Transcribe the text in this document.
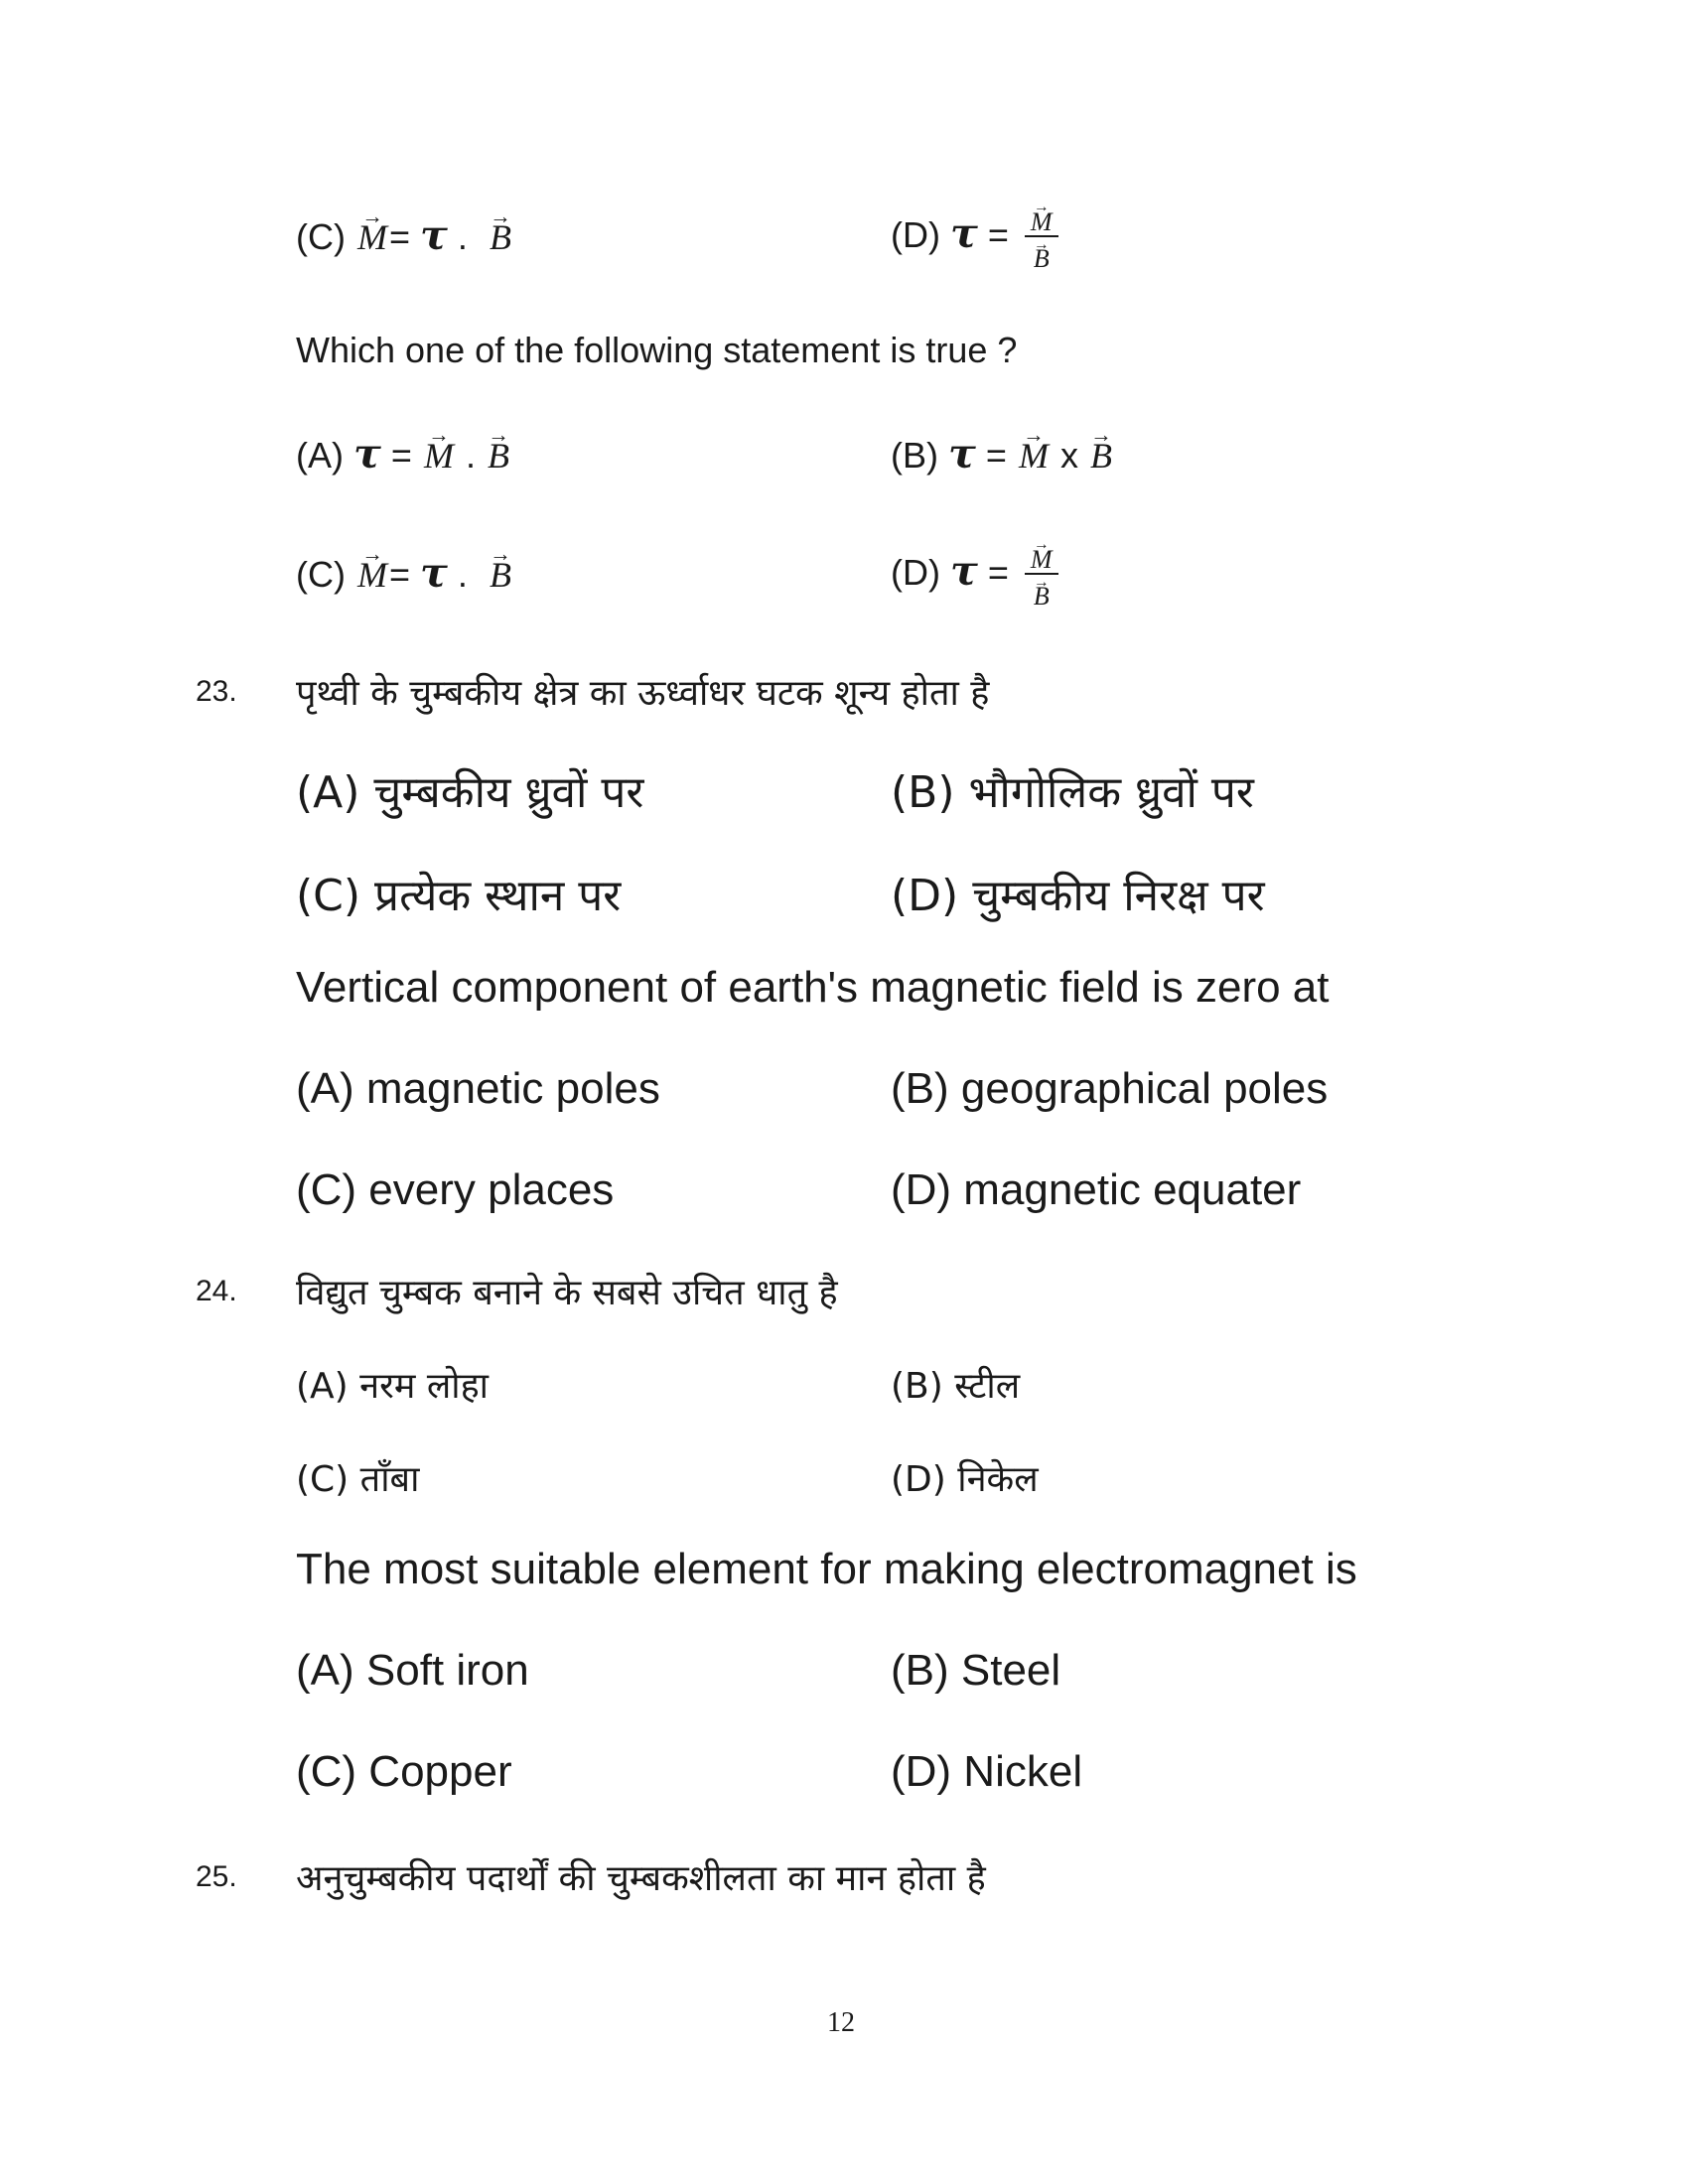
(C) → M= τ . → B	(D) τ = → M
→ B
Which one of the following statement is true ?
(A) τ = → M . → B	(B) τ = → M x → B
(C) → M= τ . → B	(D) τ = → M
→ B
23. पृथ्वी के चुम्बकीय क्षेत्र का ऊर्ध्वाधर घटक शून्य होता है
(A) चुम्बकीय ध्रुवों पर	(B) भौगोलिक ध्रुवों पर
(C) प्रत्येक स्थान पर	(D) चुम्बकीय निरक्ष पर
Vertical component of earth's magnetic field is zero at
(A) magnetic poles	(B) geographical poles
(C) every places	(D) magnetic equater
24. विद्युत चुम्बक बनाने के सबसे उचित धातु है
(A) नरम लोहा	(B) स्टील
(C) ताँबा	(D) निकेल
The most suitable element for making electromagnet is
(A) Soft iron	(B) Steel
(C) Copper	(D) Nickel
25. अनुचुम्बकीय पदार्थों की चुम्बकशीलता का मान होता है
12
